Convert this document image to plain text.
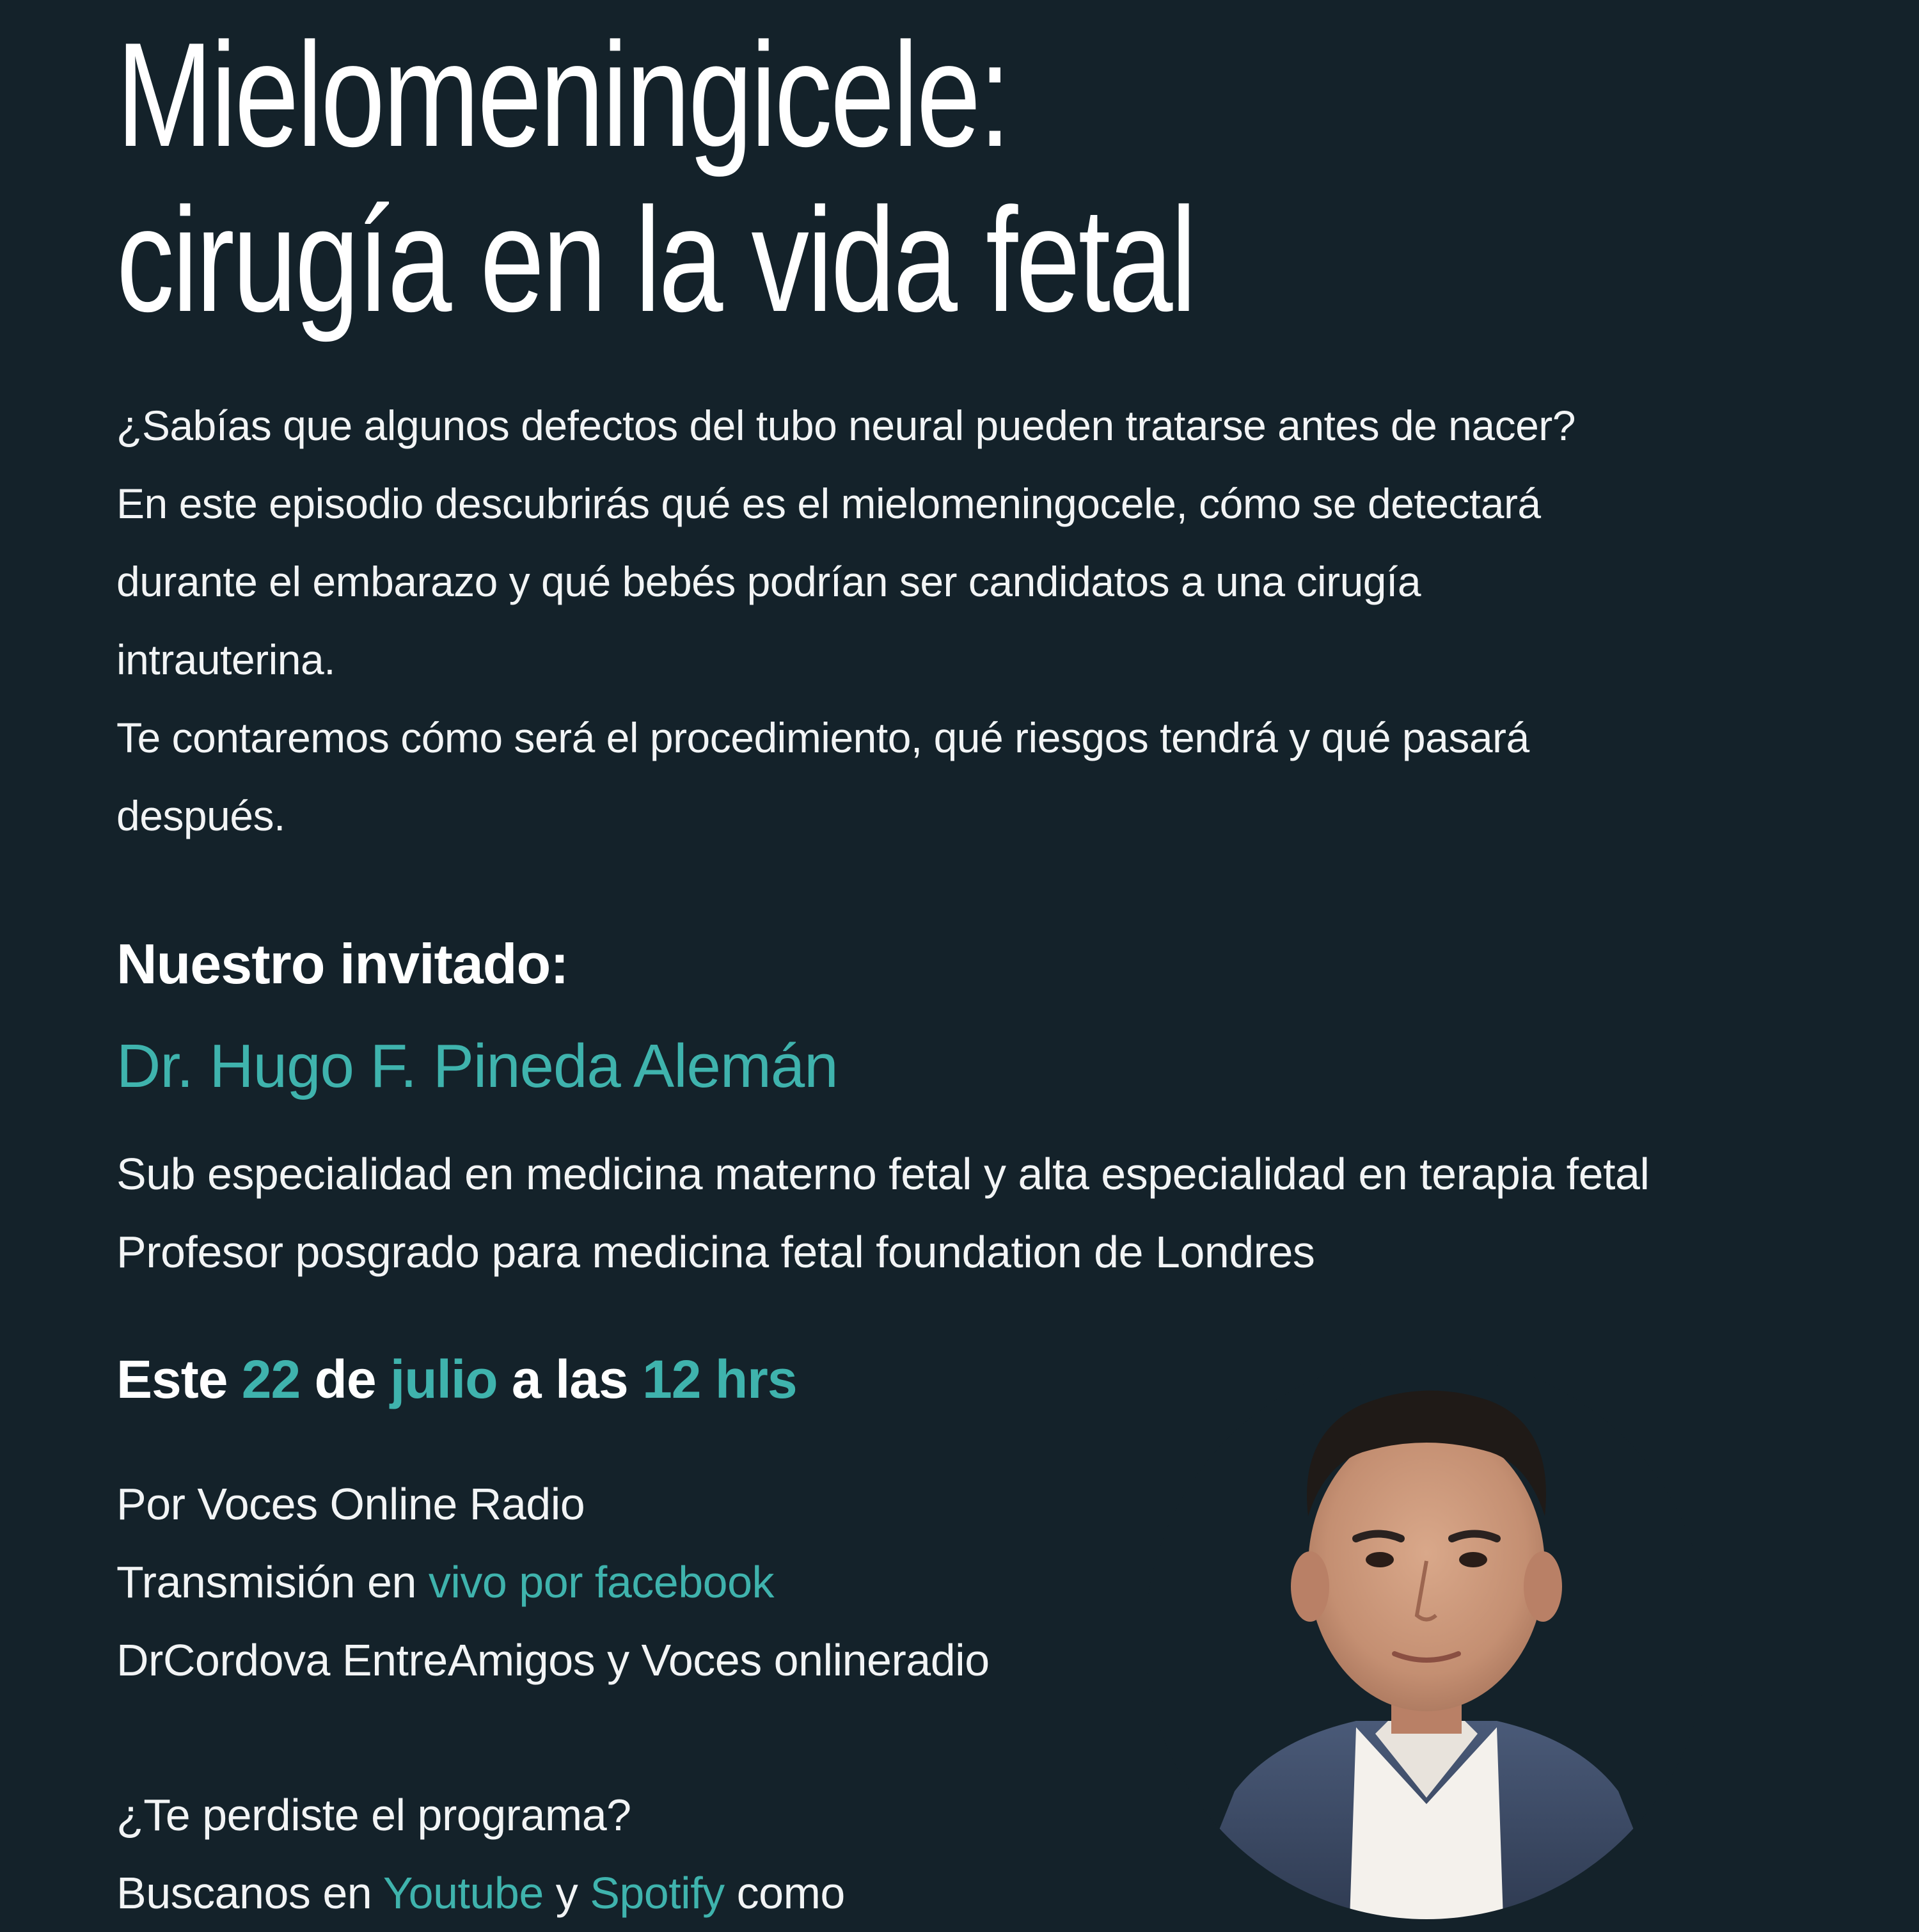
Mielomeningicele:
cirugía en la vida fetal

¿Sabías que algunos defectos del tubo neural pueden tratarse antes de nacer?

En este episodio descubrirás qué es el mielomeningocele, cómo se detectará

durante el embarazo y qué bebés podrían ser candidatos a una cirugía

intrauterina.

Te contaremos cómo será el procedimiento, qué riesgos tendrá y qué pasará

después.

Nuestro invitado:
Dr. Hugo F. Pineda Alemán
Sub especialidad en medicina materno fetal y alta especialidad en terapia fetal
Profesor posgrado para medicina fetal foundation de Londres
Este 22 de julio a las 12 hrs
Por Voces Online Radio
Transmisión en vivo por facebook
DrCordova EntreAmigos y Voces onlineradio
¿Te perdiste el programa?
Buscanos en Youtube y Spotify como
